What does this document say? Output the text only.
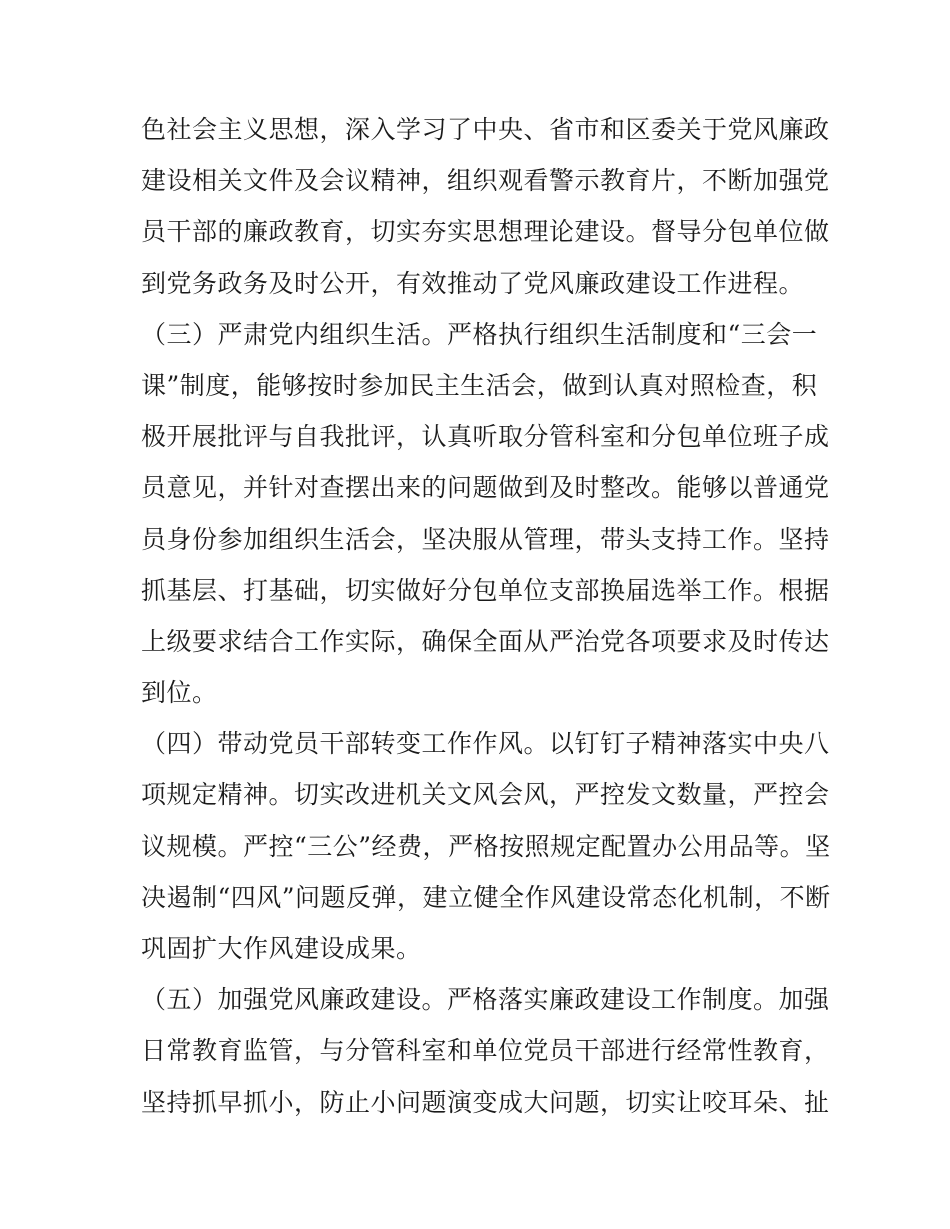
色社会主义思想，深入学习了中央、省市和区委关于党风廉政
建设相关文件及会议精神，组织观看警示教育片，不断加强党
员干部的廉政教育，切实夯实思想理论建设。督导分包单位做
到党务政务及时公开，有效推动了党风廉政建设工作进程。
（三）严肃党内组织生活。严格执行组织生活制度和“三会一
课”制度，能够按时参加民主生活会，做到认真对照检查，积
极开展批评与自我批评，认真听取分管科室和分包单位班子成
员意见，并针对查摆出来的问题做到及时整改。能够以普通党
员身份参加组织生活会，坚决服从管理，带头支持工作。坚持
抓基层、打基础，切实做好分包单位支部换届选举工作。根据
上级要求结合工作实际，确保全面从严治党各项要求及时传达
到位。
（四）带动党员干部转变工作作风。以钉钉子精神落实中央八
项规定精神。切实改进机关文风会风，严控发文数量，严控会
议规模。严控“三公”经费，严格按照规定配置办公用品等。坚
决遏制“四风”问题反弹，建立健全作风建设常态化机制，不断
巩固扩大作风建设成果。
（五）加强党风廉政建设。严格落实廉政建设工作制度。加强
日常教育监管，与分管科室和单位党员干部进行经常性教育，
坚持抓早抓小，防止小问题演变成大问题，切实让咬耳朵、扯
